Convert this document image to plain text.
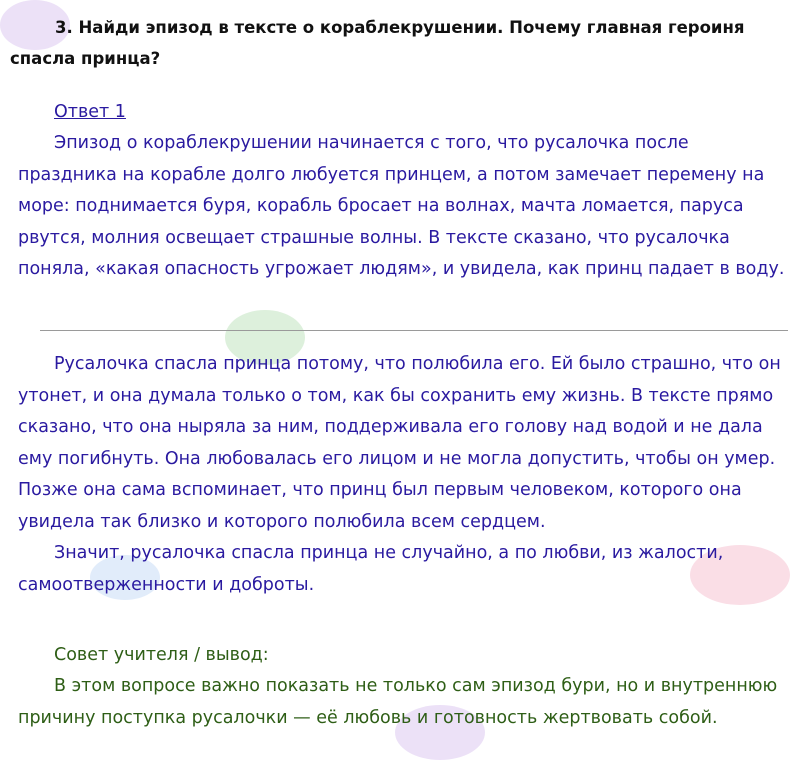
3. Найди эпизод в тексте о кораблекрушении. Почему главная героиня спасла принца?
Ответ 1

Эпизод о кораблекрушении начинается с того, что русалочка после праздника на корабле долго любуется принцем, а потом замечает перемену на море: поднимается буря, корабль бросает на волнах, мачта ломается, паруса рвутся, молния освещает страшные волны. В тексте сказано, что русалочка поняла, «какая опасность угрожает людям», и увидела, как принц падает в воду.

Русалочка спасла принца потому, что полюбила его. Ей было страшно, что он утонет, и она думала только о том, как бы сохранить ему жизнь. В тексте прямо сказано, что она ныряла за ним, поддерживала его голову над водой и не дала ему погибнуть. Она любовалась его лицом и не могла допустить, чтобы он умер. Позже она сама вспоминает, что принц был первым человеком, которого она увидела так близко и которого полюбила всем сердцем.

Значит, русалочка спасла принца не случайно, а по любви, из жалости, самоотверженности и доброты.

Совет учителя / вывод:

В этом вопросе важно показать не только сам эпизод бури, но и внутреннюю причину поступка русалочки — её любовь и готовность жертвовать собой.
